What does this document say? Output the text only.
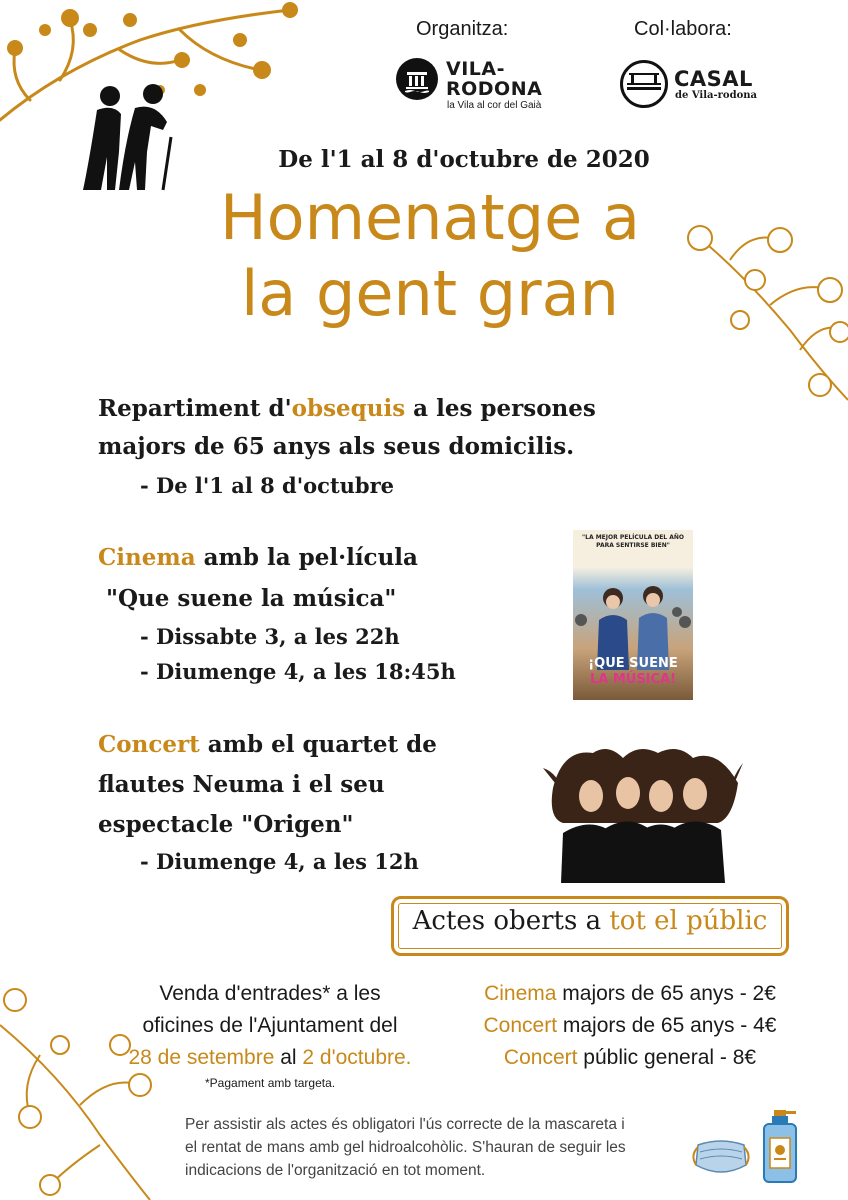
Organitza:	Col·labora:
VILA-
RODONA
la Vila al cor del Gaià
CASAL
de Vila-rodona
De l'1 al 8 d'octubre de 2020
Homenatge a
la gent gran
Repartiment d'obsequis a les persones
majors de 65 anys als seus domicilis.
- De l'1 al 8 d'octubre
Cinema amb la pel·lícula
"Que suene la música"
- Dissabte 3, a les 22h
- Diumenge 4, a les 18:45h
"LA MEJOR PELÍCULA DEL AÑO PARA SENTIRSE BIEN"
¡QUE SUENE
LA MÚSICA!
Concert amb el quartet de
flautes Neuma i el seu
espectacle "Origen"
- Diumenge 4, a les 12h
Actes oberts a tot el públic
Venda d'entrades* a les
oficines de l'Ajuntament del
28 de setembre al 2 d'octubre.
*Pagament amb targeta.
Cinema majors de 65 anys - 2€
Concert majors de 65 anys - 4€
Concert públic general - 8€
Per assistir als actes és obligatori l'ús correcte de la mascareta i
el rentat de mans amb gel hidroalcohòlic. S'hauran de seguir les
indicacions de l'organització en tot moment.
